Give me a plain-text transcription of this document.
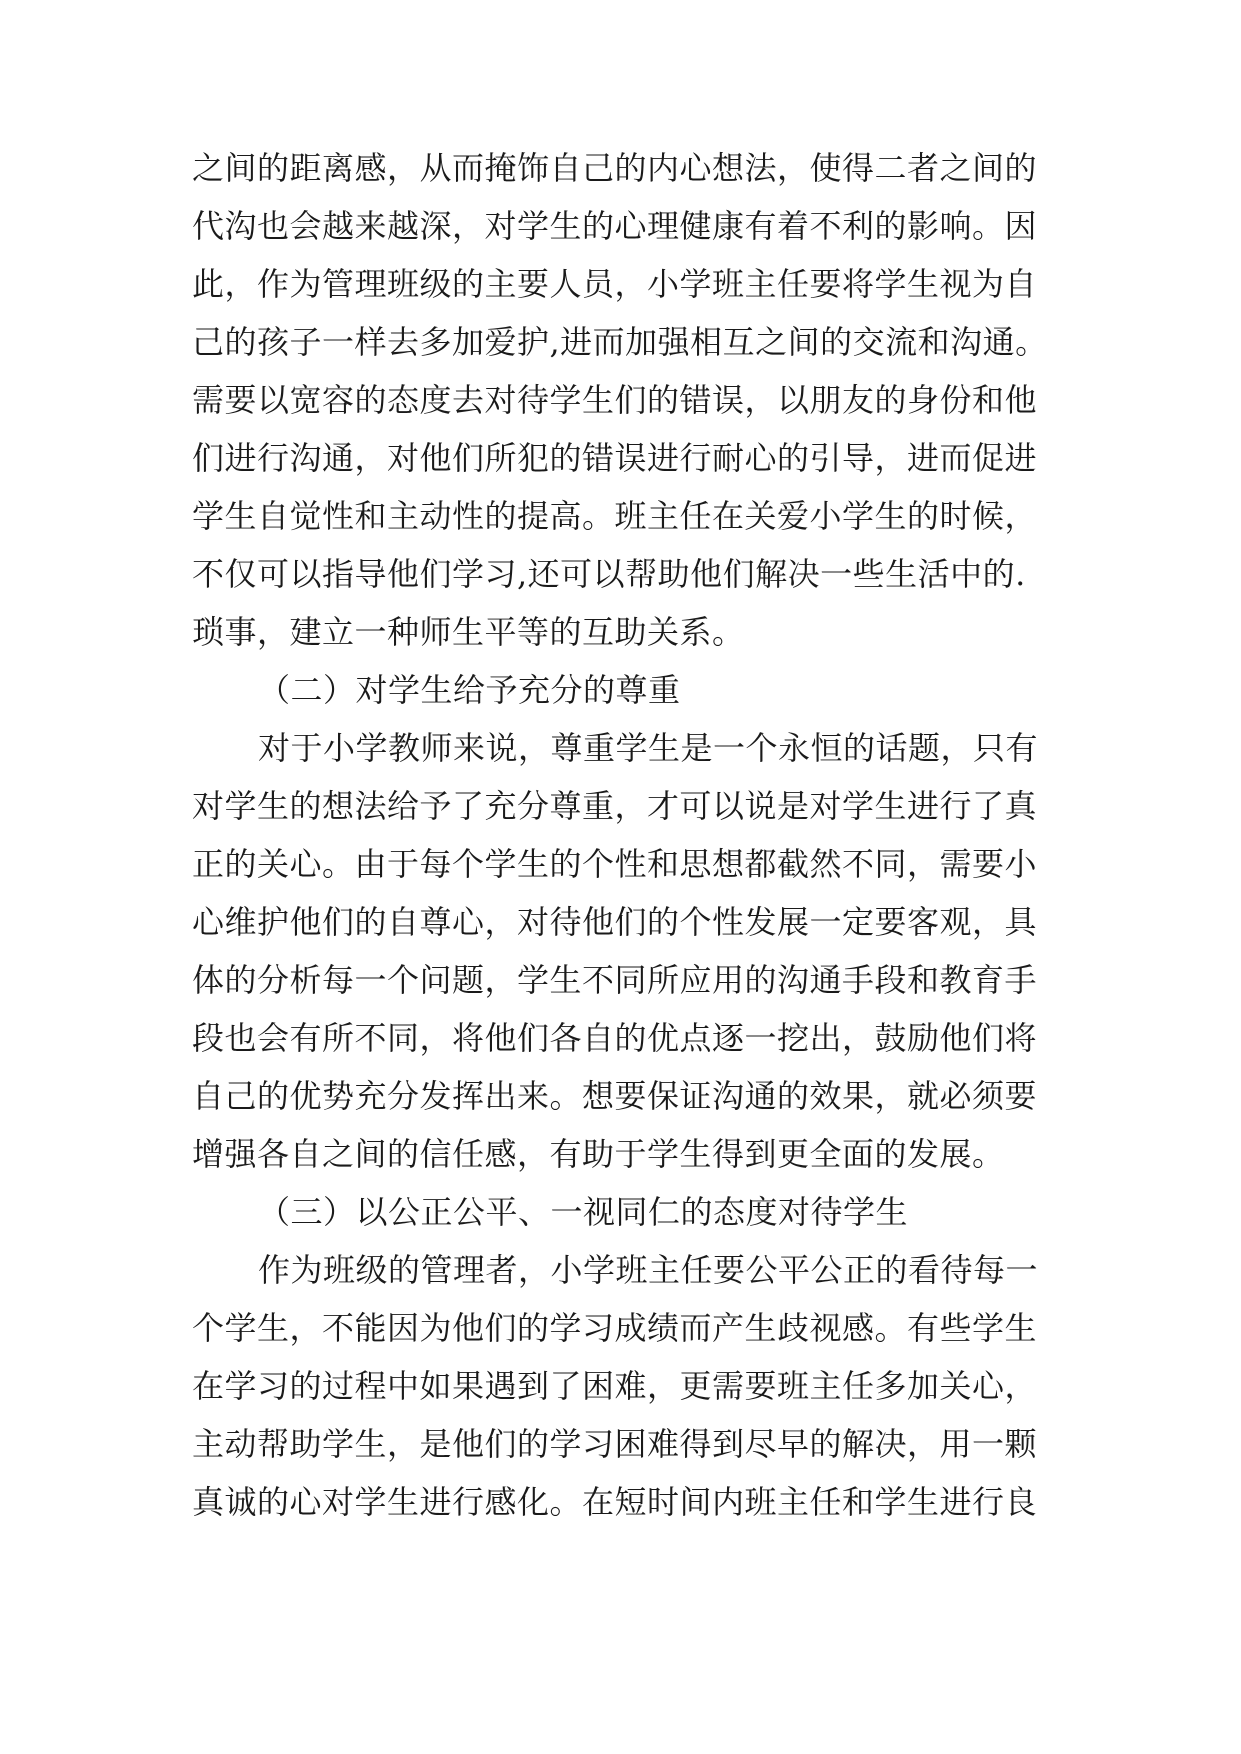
之间的距离感，从而掩饰自己的内心想法，使得二者之间的
代沟也会越来越深，对学生的心理健康有着不利的影响。因
此，作为管理班级的主要人员，小学班主任要将学生视为自
己的孩子一样去多加爱护,进而加强相互之间的交流和沟通。
需要以宽容的态度去对待学生们的错误，以朋友的身份和他
们进行沟通，对他们所犯的错误进行耐心的引导，进而促进
学生自觉性和主动性的提高。班主任在关爱小学生的时候，
不仅可以指导他们学习,还可以帮助他们解决一些生活中的.
琐事，建立一种师生平等的互助关系。
（二）对学生给予充分的尊重
对于小学教师来说，尊重学生是一个永恒的话题，只有
对学生的想法给予了充分尊重，才可以说是对学生进行了真
正的关心。由于每个学生的个性和思想都截然不同，需要小
心维护他们的自尊心，对待他们的个性发展一定要客观，具
体的分析每一个问题，学生不同所应用的沟通手段和教育手
段也会有所不同，将他们各自的优点逐一挖出，鼓励他们将
自己的优势充分发挥出来。想要保证沟通的效果，就必须要
增强各自之间的信任感，有助于学生得到更全面的发展。
（三）以公正公平、一视同仁的态度对待学生
作为班级的管理者，小学班主任要公平公正的看待每一
个学生，不能因为他们的学习成绩而产生歧视感。有些学生
在学习的过程中如果遇到了困难，更需要班主任多加关心，
主动帮助学生，是他们的学习困难得到尽早的解决，用一颗
真诚的心对学生进行感化。在短时间内班主任和学生进行良
